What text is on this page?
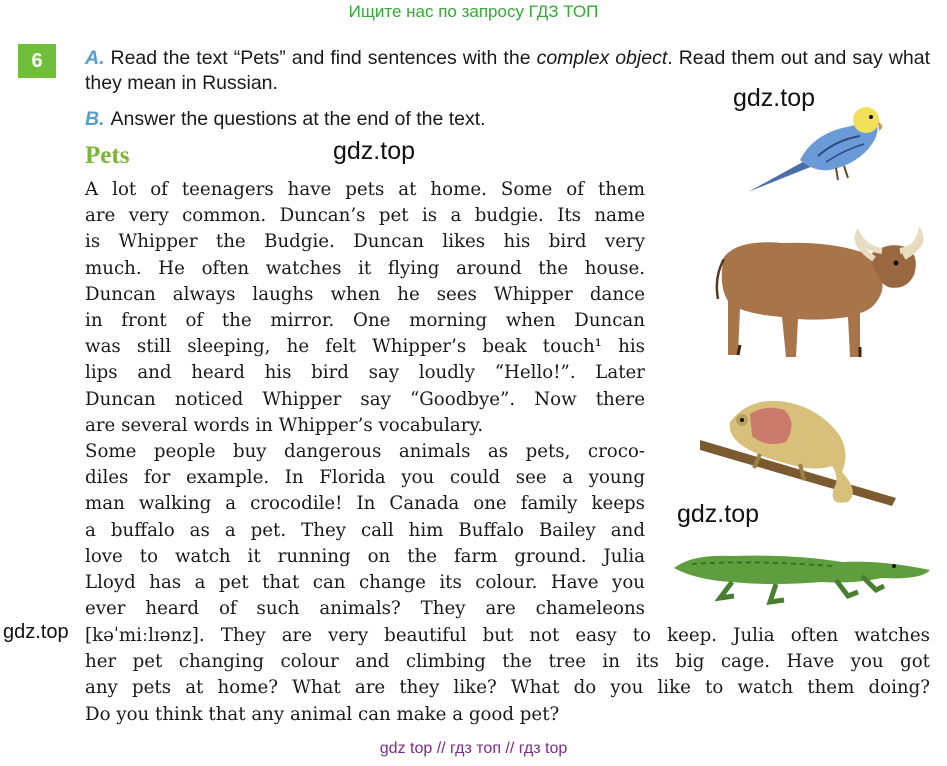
Ищите нас по запросу ГДЗ ТОП
6	A. Read the text “Pets” and find sentences with the complex object. Read them out and say what they mean in Russian.
B. Answer the questions at the end of the text.
Pets
gdz.top
gdz.top
gdz.top
gdz.top
A lot of teenagers have pets at home. Some of them
are very common. Duncan’s pet is a budgie. Its name
is Whipper the Budgie. Duncan likes his bird very
much. He often watches it flying around the house.
Duncan always laughs when he sees Whipper dance
in front of the mirror. One morning when Duncan
was still sleeping, he felt Whipper’s beak touch¹ his
lips and heard his bird say loudly “Hello!”. Later
Duncan noticed Whipper say “Goodbye”. Now there
are several words in Whipper’s vocabulary.
Some people buy dangerous animals as pets, croco-
diles for example. In Florida you could see a young
man walking a crocodile! In Canada one family keeps
a buffalo as a pet. They call him Buffalo Bailey and
love to watch it running on the farm ground. Julia
Lloyd has a pet that can change its colour. Have you
ever heard of such animals? They are chameleons
[kəˈmiːlɪənz]. They are very beautiful but not easy to keep. Julia often watches
her pet changing colour and climbing the tree in its big cage. Have you got
any pets at home? What are they like? What do you like to watch them doing?
Do you think that any animal can make a good pet?
gdz top // гдз топ // гдз top
